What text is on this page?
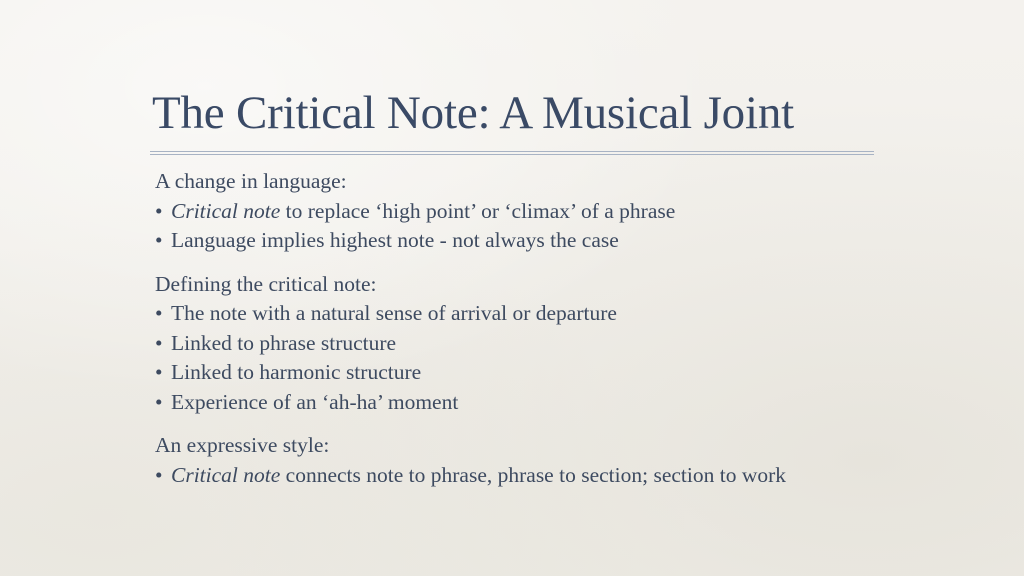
The Critical Note: A Musical Joint
A change in language:
• Critical note to replace ‘high point’ or ‘climax’ of a phrase
• Language implies highest note - not always the case
Defining the critical note:
• The note with a natural sense of arrival or departure
• Linked to phrase structure
• Linked to harmonic structure
• Experience of an ‘ah-ha’ moment
An expressive style:
• Critical note connects note to phrase, phrase to section; section to work
